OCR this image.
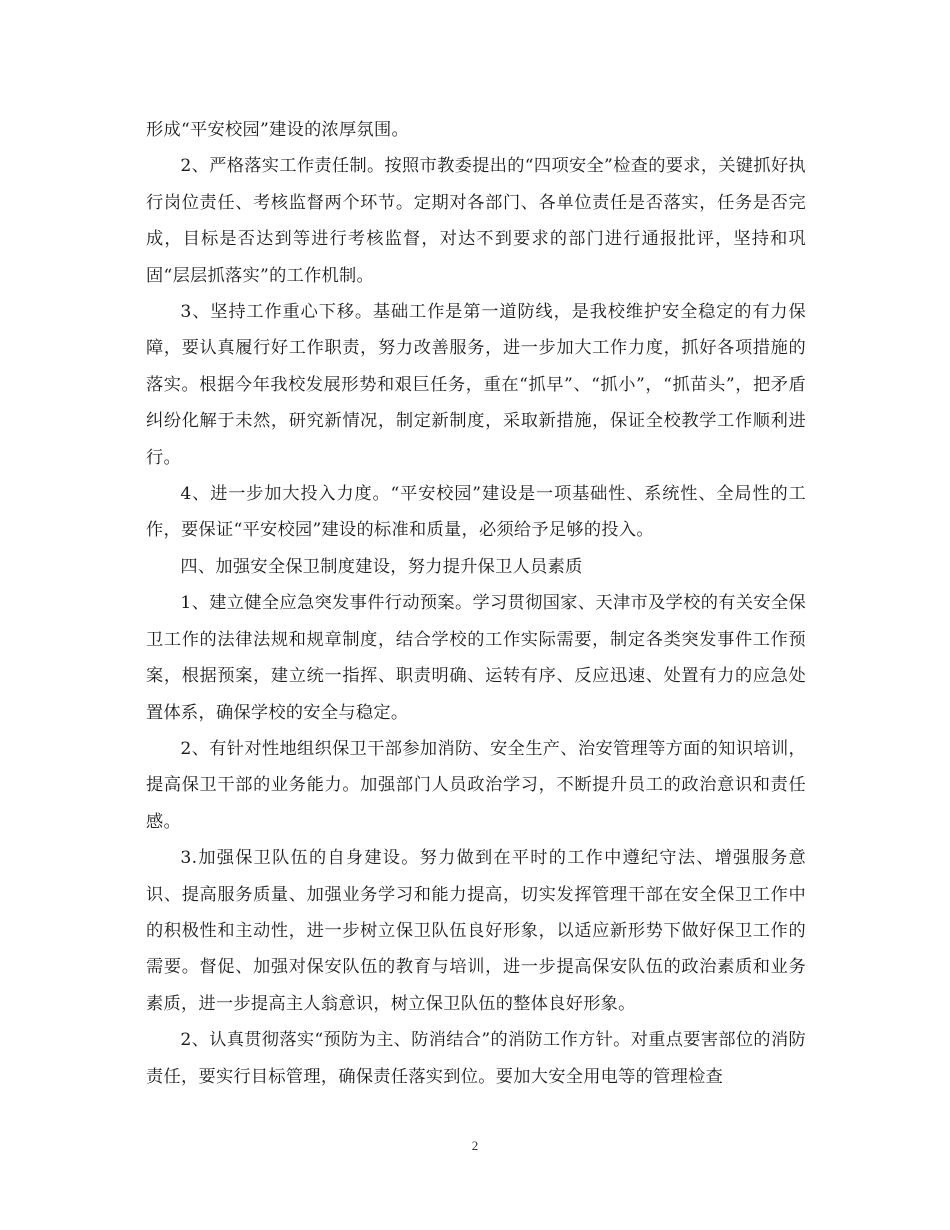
形成“平安校园”建设的浓厚氛围。

2、严格落实工作责任制。按照市教委提出的“四项安全”检查的要求，关键抓好执行岗位责任、考核监督两个环节。定期对各部门、各单位责任是否落实，任务是否完成，目标是否达到等进行考核监督，对达不到要求的部门进行通报批评，坚持和巩固“层层抓落实”的工作机制。

3、坚持工作重心下移。基础工作是第一道防线，是我校维护安全稳定的有力保障，要认真履行好工作职责，努力改善服务，进一步加大工作力度，抓好各项措施的落实。根据今年我校发展形势和艰巨任务，重在“抓早”、“抓小”，“抓苗头”，把矛盾纠纷化解于未然，研究新情况，制定新制度，采取新措施，保证全校教学工作顺利进行。

4、进一步加大投入力度。“平安校园”建设是一项基础性、系统性、全局性的工作，要保证“平安校园”建设的标准和质量，必须给予足够的投入。

四、加强安全保卫制度建设，努力提升保卫人员素质

1、建立健全应急突发事件行动预案。学习贯彻国家、天津市及学校的有关安全保卫工作的法律法规和规章制度，结合学校的工作实际需要，制定各类突发事件工作预案，根据预案，建立统一指挥、职责明确、运转有序、反应迅速、处置有力的应急处置体系，确保学校的安全与稳定。

2、有针对性地组织保卫干部参加消防、安全生产、治安管理等方面的知识培训，提高保卫干部的业务能力。加强部门人员政治学习，不断提升员工的政治意识和责任感。

3.加强保卫队伍的自身建设。努力做到在平时的工作中遵纪守法、增强服务意识、提高服务质量、加强业务学习和能力提高，切实发挥管理干部在安全保卫工作中的积极性和主动性，进一步树立保卫队伍良好形象，以适应新形势下做好保卫工作的需要。督促、加强对保安队伍的教育与培训，进一步提高保安队伍的政治素质和业务素质，进一步提高主人翁意识，树立保卫队伍的整体良好形象。

2、认真贯彻落实“预防为主、防消结合”的消防工作方针。对重点要害部位的消防责任，要实行目标管理，确保责任落实到位。要加大安全用电等的管理检查

2
